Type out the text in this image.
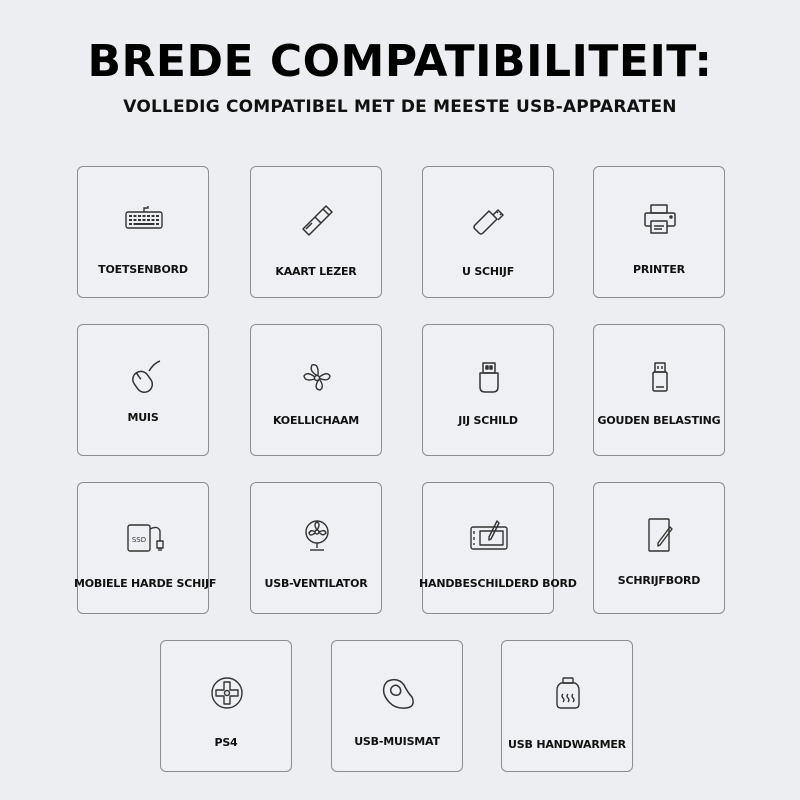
BREDE COMPATIBILITEIT:
VOLLEDIG COMPATIBEL MET DE MEESTE USB-APPARATEN
TOETSENBORD	KAART LEZER	U SCHIJF	PRINTER
MUIS	KOELLICHAAM	JIJ SCHILD	GOUDEN BELASTING
SSD
MOBIELE HARDE SCHIJF	USB-VENTILATOR	HANDBESCHILDERD BORD	SCHRIJFBORD
PS4	USB-MUISMAT	USB HANDWARMER
